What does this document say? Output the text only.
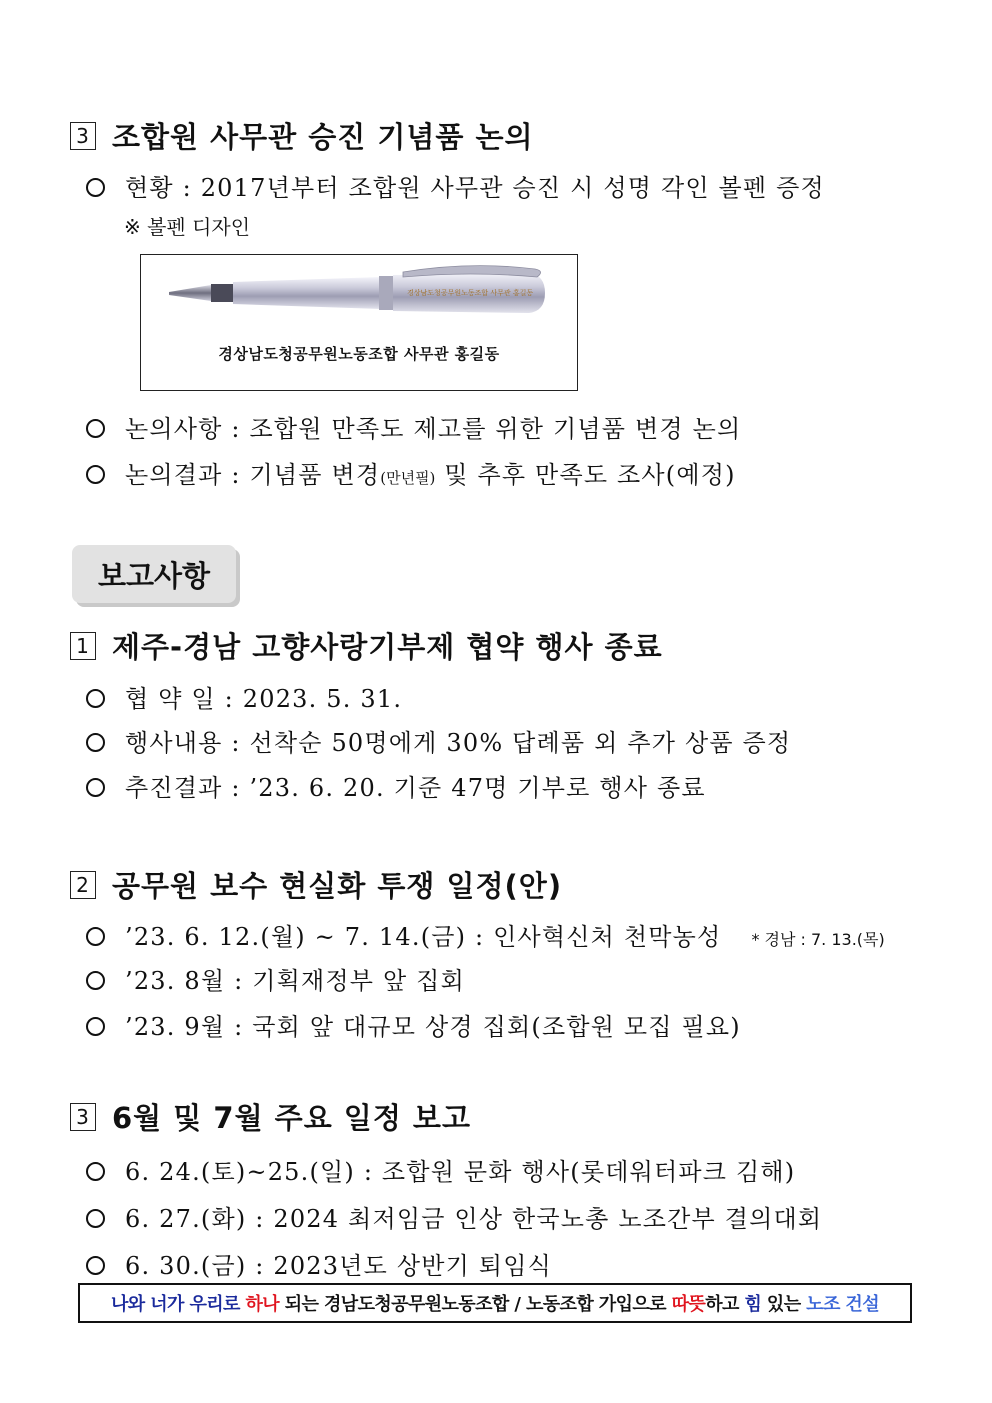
3 조합원 사무관 승진 기념품 논의
현황 : 2017년부터 조합원 사무관 승진 시 성명 각인 볼펜 증정
※ 볼펜 디자인
경상남도청공무원노동조합 사무관 홍길동
경상남도청공무원노동조합 사무관 홍길동
논의사항 : 조합원 만족도 제고를 위한 기념품 변경 논의
논의결과 : 기념품 변경 (만년필) 및 추후 만족도 조사(예정)
보고사항
1 제주-경남 고향사랑기부제 협약 행사 종료
협 약 일 : 2023. 5. 31.
행사내용 : 선착순 50명에게 30% 답례품 외 추가 상품 증정
추진결과 : ’23. 6. 20. 기준 47명 기부로 행사 종료
2 공무원 보수 현실화 투쟁 일정(안)
’23. 6. 12.(월) ~ 7. 14.(금) : 인사혁신처 천막농성 * 경남 : 7. 13.(목)
’23. 8월 : 기획재정부 앞 집회
’23. 9월 : 국회 앞 대규모 상경 집회(조합원 모집 필요)
3 6월 및 7월 주요 일정 보고
6. 24.(토)~25.(일) : 조합원 문화 행사(롯데워터파크 김해)
6. 27.(화) : 2024 최저임금 인상 한국노총 노조간부 결의대회
6. 30.(금) : 2023년도 상반기 퇴임식
나와 너가 우리로 하나 되는 경남도청공무원노동조합 / 노동조합 가입으로 따뜻 하고 힘 있는 노조 건설
